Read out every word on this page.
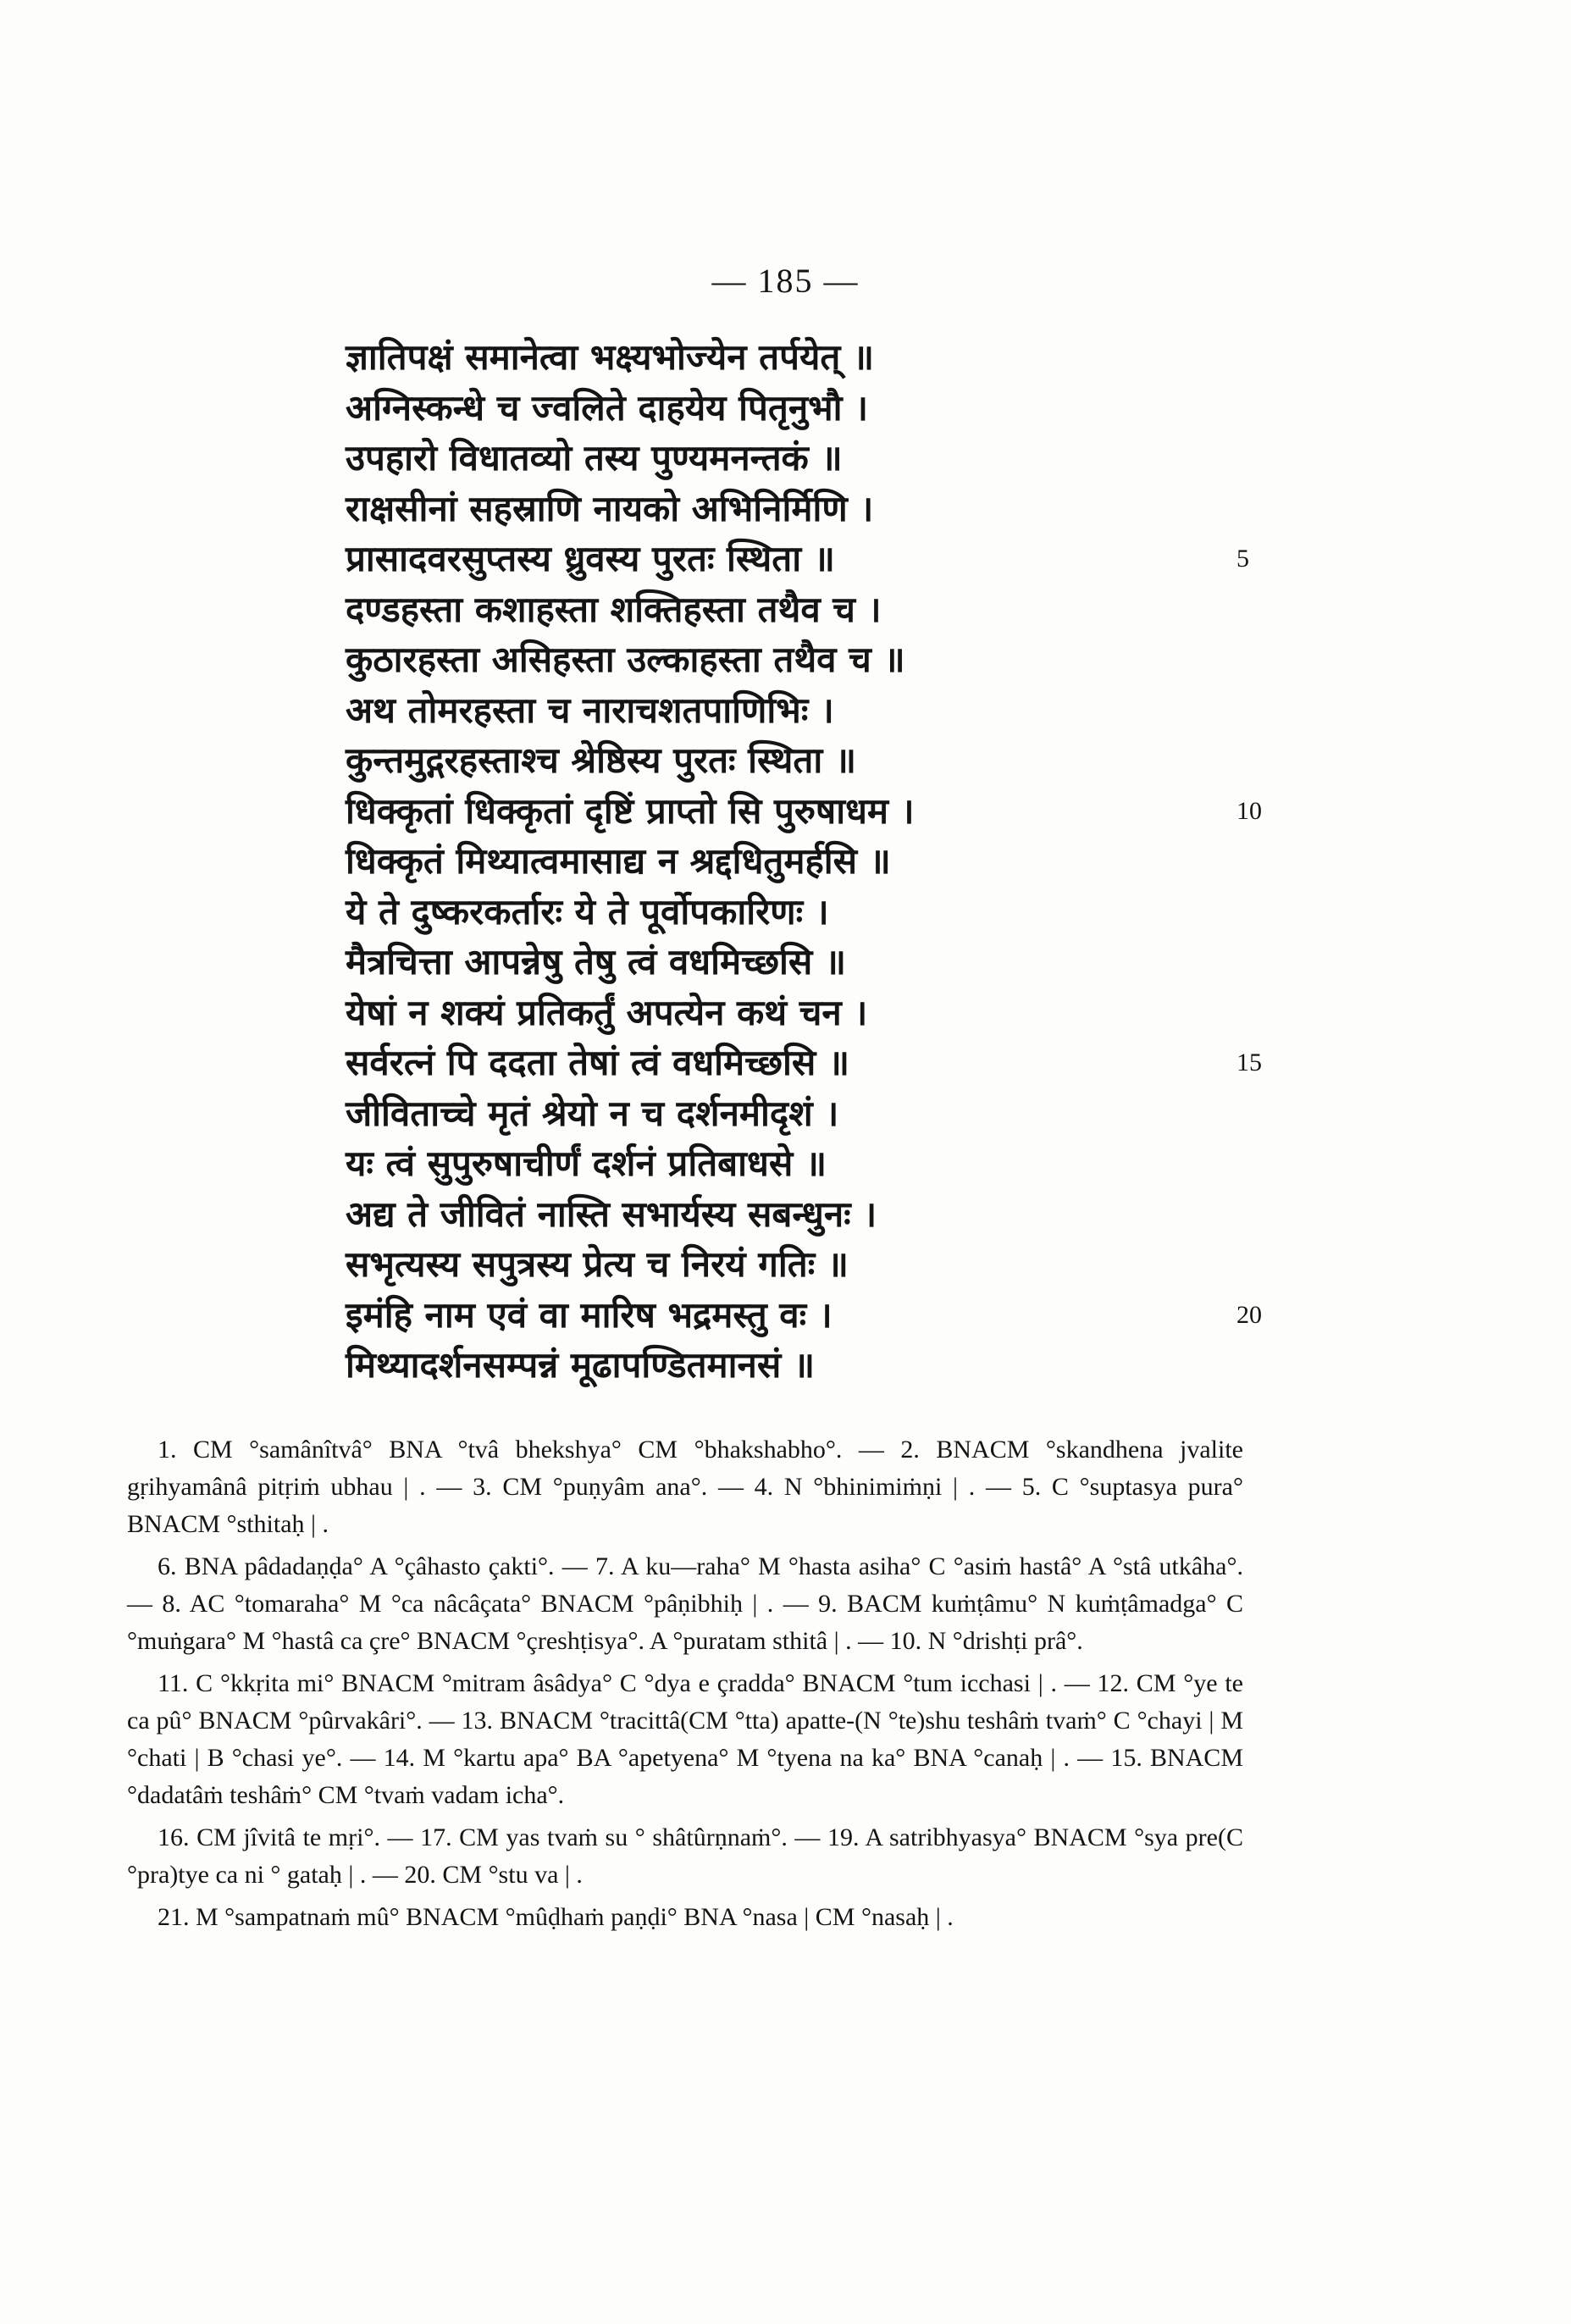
— 185 —
ज्ञातिपक्षं समानेत्वा भक्ष्यभोज्येन तर्पयेत् ॥
अग्निस्कन्धे च ज्वलिते दाहयेय पितृनुभौ ।
उपहारो विधातव्यो तस्य पुण्यमनन्तकं ॥
राक्षसीनां सहस्राणि नायको अभिनिर्मिणि ।
प्रासादवरसुप्तस्य ध्रुवस्य पुरतः स्थिता ॥	5
दण्डहस्ता कशाहस्ता शक्तिहस्ता तथैव च ।
कुठारहस्ता असिहस्ता उल्काहस्ता तथैव च ॥
अथ तोमरहस्ता च नाराचशतपाणिभिः ।
कुन्तमुद्गरहस्ताश्च श्रेष्ठिस्य पुरतः स्थिता ॥
धिक्कृतां धिक्कृतां दृष्टिं प्राप्तो सि पुरुषाधम ।	10
धिक्कृतं मिथ्यात्वमासाद्य न श्रद्दधितुमर्हसि ॥
ये ते दुष्करकर्तारः ये ते पूर्वोपकारिणः ।
मैत्रचित्ता आपन्नेषु तेषु त्वं वधमिच्छसि ॥
येषां न शक्यं प्रतिकर्तुं अपत्येन कथं चन ।
सर्वरत्नं पि ददता तेषां त्वं वधमिच्छसि ॥	15
जीविताच्चे मृतं श्रेयो न च दर्शनमीदृशं ।
यः त्वं सुपुरुषाचीर्णं दर्शनं प्रतिबाधसे ॥
अद्य ते जीवितं नास्ति सभार्यस्य सबन्धुनः ।
सभृत्यस्य सपुत्रस्य प्रेत्य च निरयं गतिः ॥
इमंहि नाम एवं वा मारिष भद्रमस्तु वः ।	20
मिथ्यादर्शनसम्पन्नं मूढापण्डितमानसं ॥

1. CM °samânîtvâ° BNA °tvâ bhekshya° CM °bhakshabho°. — 2. BNACM °skandhena jvalite gṛihyamânâ pitṛiṁ ubhau | . — 3. CM °puṇyâm ana°. — 4. N °bhinimiṁṇi | . — 5. C °suptasya pura° BNACM °sthitaḥ | .

6. BNA pâdadaṇḍa° A °çâhasto çakti°. — 7. A ku—raha° M °hasta asiha° C °asiṁ hastâ° A °stâ utkâha°. — 8. AC °tomaraha° M °ca nâcâçata° BNACM °pâṇibhiḥ | . — 9. BACM kuṁṭâmu° N kuṁṭâmadga° C °muṅgara° M °hastâ ca çre° BNACM °çreshṭisya°. A °puratam sthitâ | . — 10. N °drishṭi prâ°.

11. C °kkṛita mi° BNACM °mitram âsâdya° C °dya e çradda° BNACM °tum icchasi | . — 12. CM °ye te ca pû° BNACM °pûrvakâri°. — 13. BNACM °tracittâ(CM °tta) apatte-(N °te)shu teshâṁ tvaṁ° C °chayi | M °chati | B °chasi ye°. — 14. M °kartu apa° BA °apetyena° M °tyena na ka° BNA °canaḥ | . — 15. BNACM °dadatâṁ teshâṁ° CM °tvaṁ vadam icha°.

16. CM jîvitâ te mṛi°. — 17. CM yas tvaṁ su ° shâtûrṇnaṁ°. — 19. A satribhyasya° BNACM °sya pre(C °pra)tye ca ni ° gataḥ | . — 20. CM °stu va | .

21. M °sampatnaṁ mû° BNACM °mûḍhaṁ paṇḍi° BNA °nasa | CM °nasaḥ | .
